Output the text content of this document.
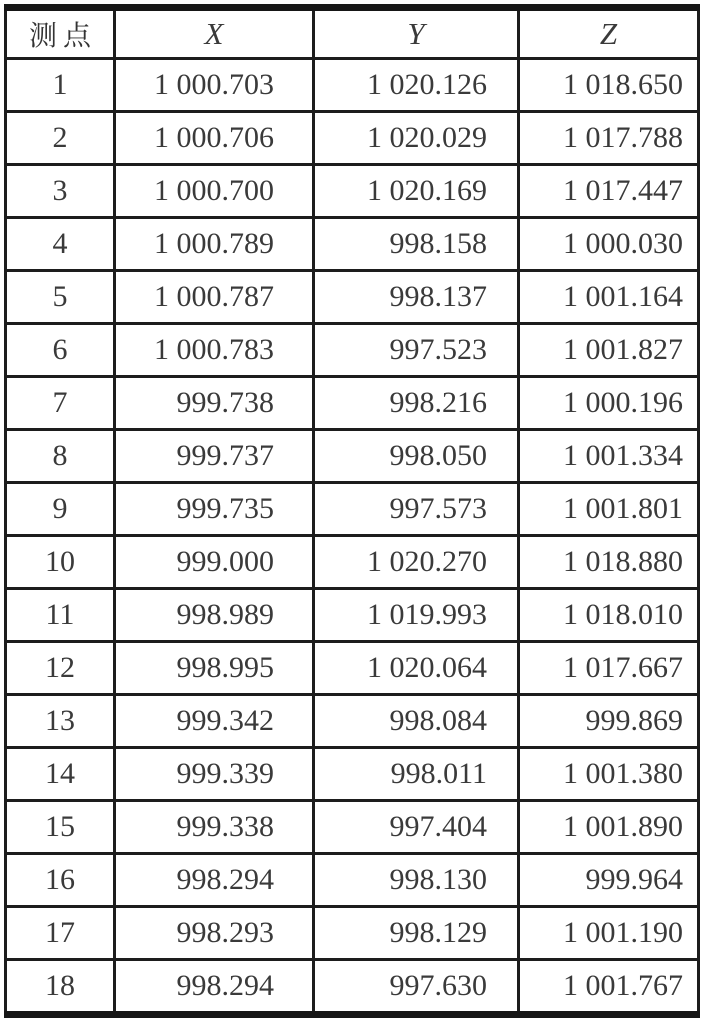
测点	X	Y	Z
1	1 000.703	1 020.126	1 018.650
2	1 000.706	1 020.029	1 017.788
3	1 000.700	1 020.169	1 017.447
4	1 000.789	998.158	1 000.030
5	1 000.787	998.137	1 001.164
6	1 000.783	997.523	1 001.827
7	999.738	998.216	1 000.196
8	999.737	998.050	1 001.334
9	999.735	997.573	1 001.801
10	999.000	1 020.270	1 018.880
11	998.989	1 019.993	1 018.010
12	998.995	1 020.064	1 017.667
13	999.342	998.084	999.869
14	999.339	998.011	1 001.380
15	999.338	997.404	1 001.890
16	998.294	998.130	999.964
17	998.293	998.129	1 001.190
18	998.294	997.630	1 001.767
